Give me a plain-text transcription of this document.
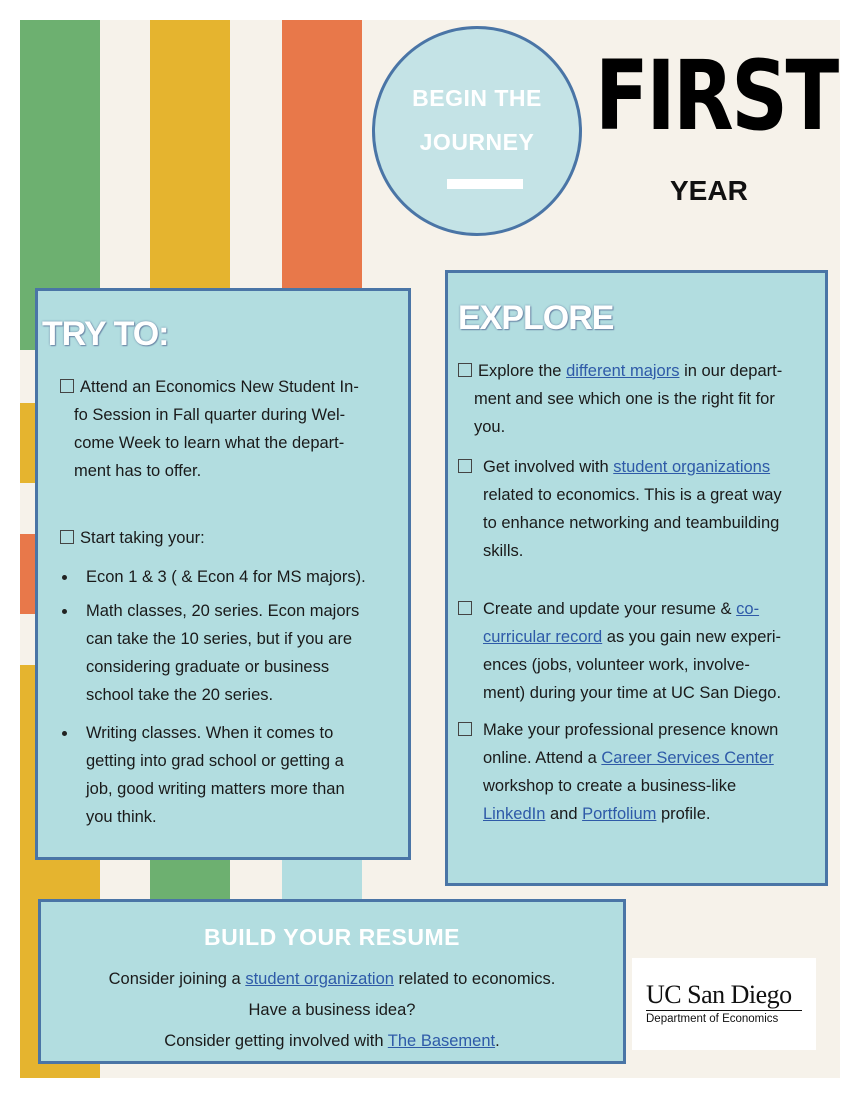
BEGIN THE
JOURNEY FIRST
YEAR
TRY TO:
Attend an Economics New Student In-
fo Session in Fall quarter during Wel-
come Week to learn what the depart-
ment has to offer.
Start taking your:
Econ 1 & 3 ( & Econ 4 for MS majors).
Math classes, 20 series. Econ majors
can take the 10 series, but if you are
considering graduate or business
school take the 20 series.
Writing classes. When it comes to
getting into grad school or getting a
job, good writing matters more than
you think.
EXPLORE
Explore the different majors in our depart-
ment and see which one is the right fit for
you.
Get involved with student organizations
related to economics. This is a great way
to enhance networking and teambuilding
skills.
Create and update your resume & co-
curricular record as you gain new experi-
ences (jobs, volunteer work, involve-
ment) during your time at UC San Diego.
Make your professional presence known
online. Attend a Career Services Center
workshop to create a business-like
LinkedIn and Portfolium profile.
BUILD YOUR RESUME
Consider joining a student organization related to economics.
Have a business idea?
Consider getting involved with The Basement.
UC San Diego
Department of Economics
